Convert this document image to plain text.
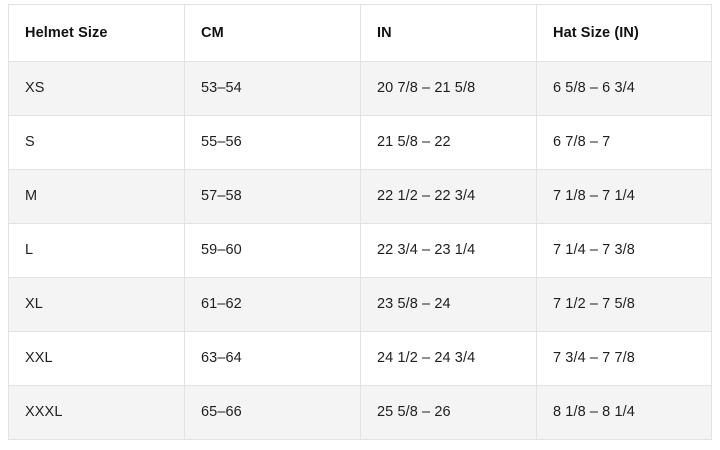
Helmet Size	CM	IN	Hat Size (IN)
XS	53–54	20 7/8 – 21 5/8	6 5/8 – 6 3/4
S	55–56	21 5/8 – 22	6 7/8 – 7
M	57–58	22 1/2 – 22 3/4	7 1/8 – 7 1/4
L	59–60	22 3/4 – 23 1/4	7 1/4 – 7 3/8
XL	61–62	23 5/8 – 24	7 1/2 – 7 5/8
XXL	63–64	24 1/2 – 24 3/4	7 3/4 – 7 7/8
XXXL	65–66	25 5/8 – 26	8 1/8 – 8 1/4
